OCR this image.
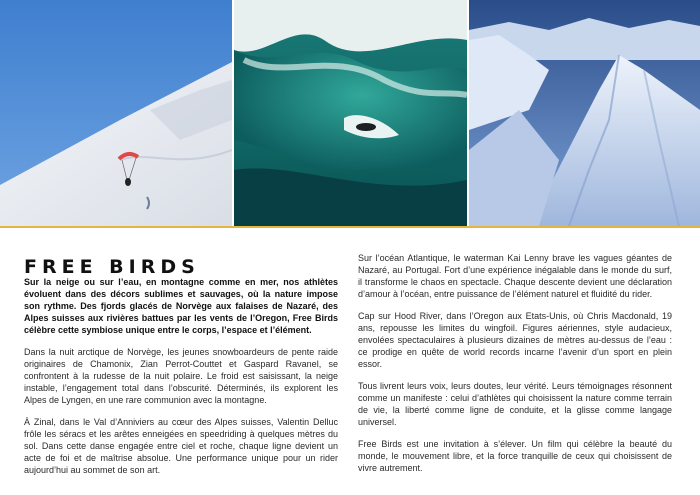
FREE BIRDS

Sur la neige ou sur l’eau, en montagne comme en mer, nos athlètes évoluent dans des décors sublimes et sauvages, où la nature impose son rythme. Des fjords glacés de Norvège aux falaises de Nazaré, des Alpes suisses aux rivières battues par les vents de l’Oregon, Free Birds célèbre cette symbiose unique entre le corps, l’espace et l’élément.

Dans la nuit arctique de Norvège, les jeunes snowboardeurs de pente raide originaires de Chamonix, Zian Perrot-Couttet et Gaspard Ravanel, se confrontent à la rudesse de la nuit polaire. Le froid est saisissant, la neige instable, l’engagement total dans l’obscurité. Déterminés, ils explorent les Alpes de Lyngen, en une rare communion avec la montagne.

À Zinal, dans le Val d’Anniviers au cœur des Alpes suisses, Valentin Delluc frôle les séracs et les arêtes enneigées en speedriding à quelques mètres du sol. Dans cette danse engagée entre ciel et roche, chaque ligne devient un acte de foi et de maîtrise absolue. Une performance unique pour un rider aujourd’hui au sommet de son art.

Sur l’océan Atlantique, le waterman Kai Lenny brave les vagues géantes de Nazaré, au Portugal. Fort d’une expérience inégalable dans le monde du surf, il transforme le chaos en spectacle. Chaque descente devient une déclaration d’amour à l’océan, entre puissance de l’élément naturel et fluidité du rider.

Cap sur Hood River, dans l’Oregon aux Etats-Unis, où Chris Macdonald, 19 ans, repousse les limites du wingfoil. Figures aériennes, style audacieux, envolées spectaculaires à plusieurs dizaines de mètres au-dessus de l’eau : ce prodige en quête de world records incarne l’avenir d’un sport en plein essor.

Tous livrent leurs voix, leurs doutes, leur vérité. Leurs témoignages résonnent comme un manifeste : celui d’athlètes qui choisissent la nature comme terrain de vie, la liberté comme ligne de conduite, et la glisse comme langage universel.

Free Birds est une invitation à s’élever. Un film qui célèbre la beauté du monde, le mouvement libre, et la force tranquille de ceux qui choisissent de vivre autrement.
